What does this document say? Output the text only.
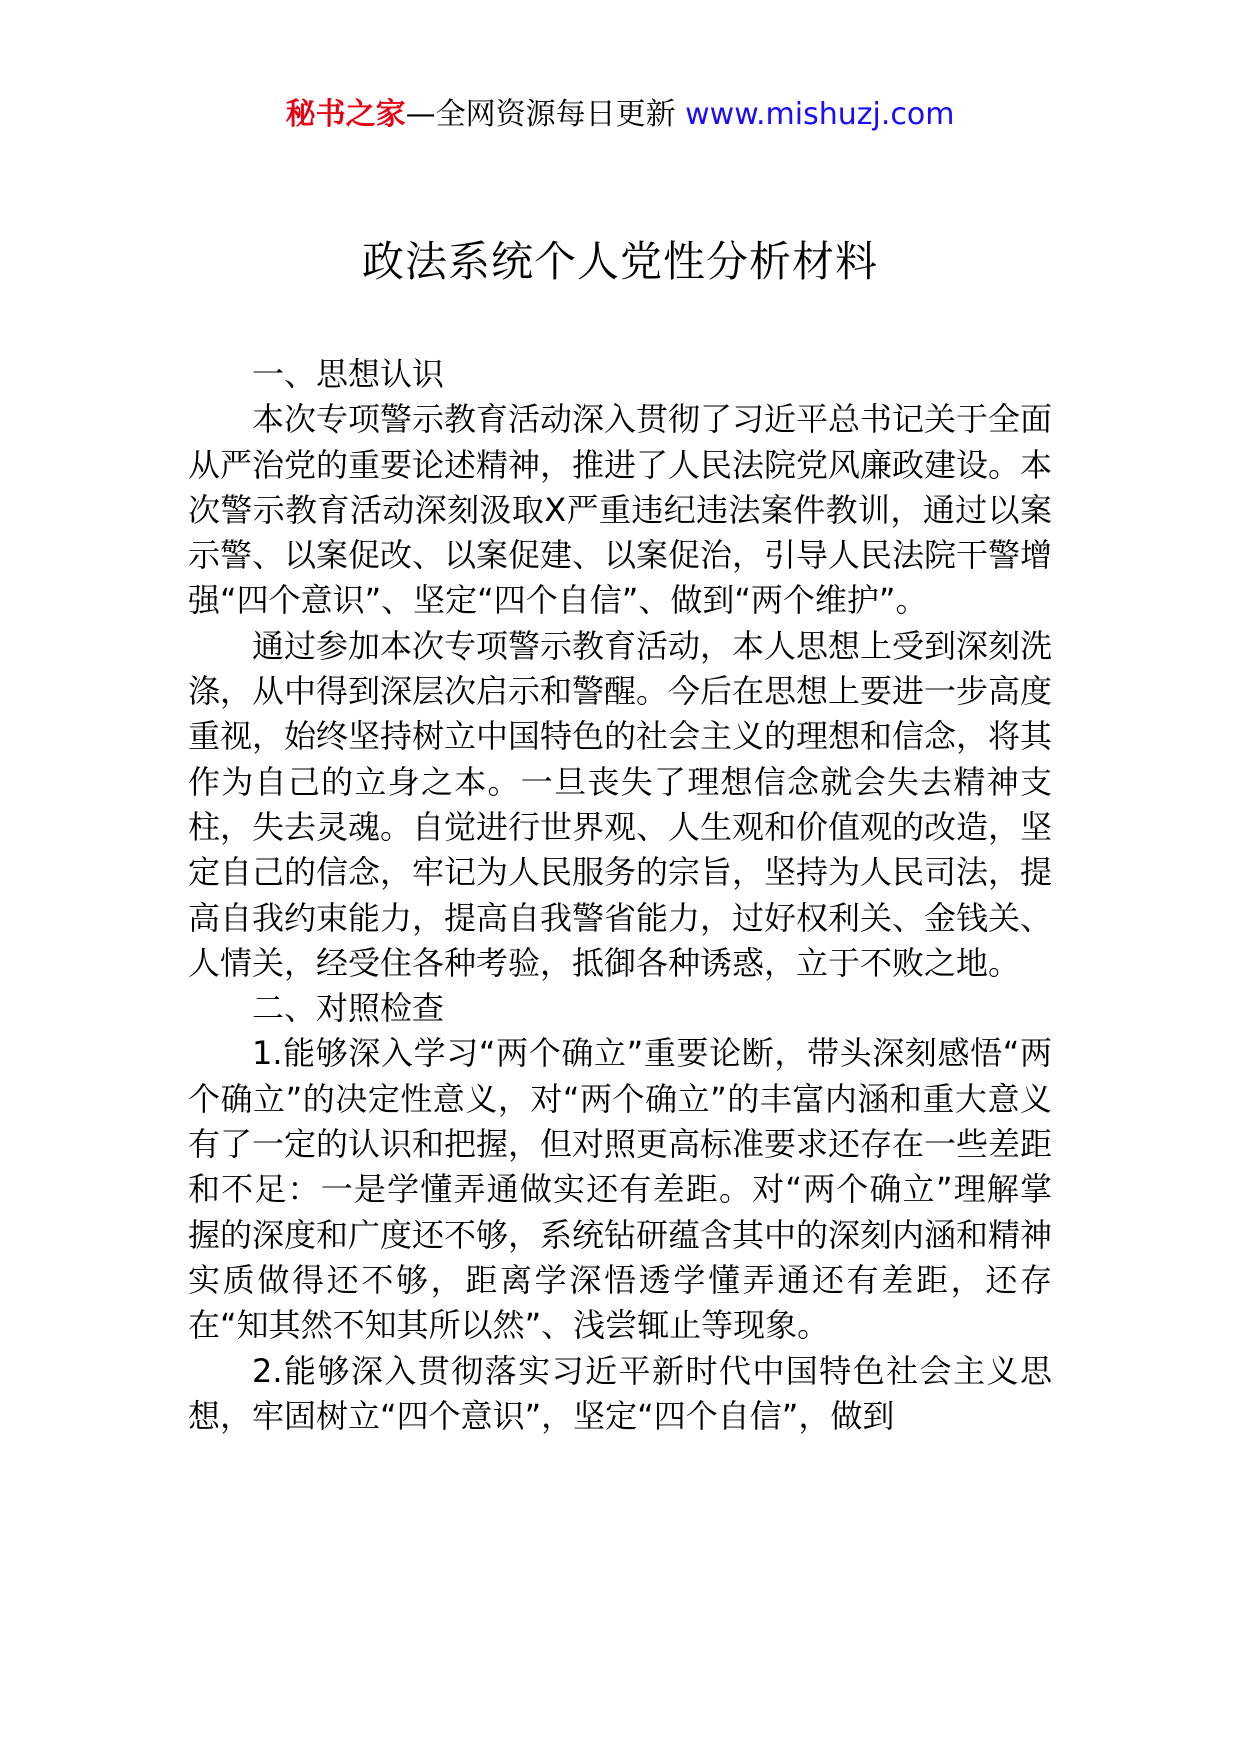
秘书之家—全网资源每日更新 www.mishuzj.com
政法系统个人党性分析材料

一、思想认识

本次专项警示教育活动深入贯彻了习近平总书记关于全面从严治党的重要论述精神，推进了人民法院党风廉政建设。本次警示教育活动深刻汲取X严重违纪违法案件教训，通过以案示警、以案促改、以案促建、以案促治，引导人民法院干警增强“四个意识”、坚定“四个自信”、做到“两个维护”。

通过参加本次专项警示教育活动，本人思想上受到深刻洗涤，从中得到深层次启示和警醒。今后在思想上要进一步高度重视，始终坚持树立中国特色的社会主义的理想和信念，将其作为自己的立身之本。一旦丧失了理想信念就会失去精神支柱，失去灵魂。自觉进行世界观、人生观和价值观的改造，坚定自己的信念，牢记为人民服务的宗旨，坚持为人民司法，提高自我约束能力，提高自我警省能力，过好权利关、金钱关、人情关，经受住各种考验，抵御各种诱惑，立于不败之地。

二、对照检查

1.能够深入学习“两个确立”重要论断，带头深刻感悟“两个确立”的决定性意义，对“两个确立”的丰富内涵和重大意义有了一定的认识和把握，但对照更高标准要求还存在一些差距和不足：一是学懂弄通做实还有差距。对“两个确立”理解掌握的深度和广度还不够，系统钻研蕴含其中的深刻内涵和精神实质做得还不够，距离学深悟透学懂弄通还有差距，还存在“知其然不知其所以然”、浅尝辄止等现象。

2.能够深入贯彻落实习近平新时代中国特色社会主义思想，牢固树立“四个意识”，坚定“四个自信”，做到
